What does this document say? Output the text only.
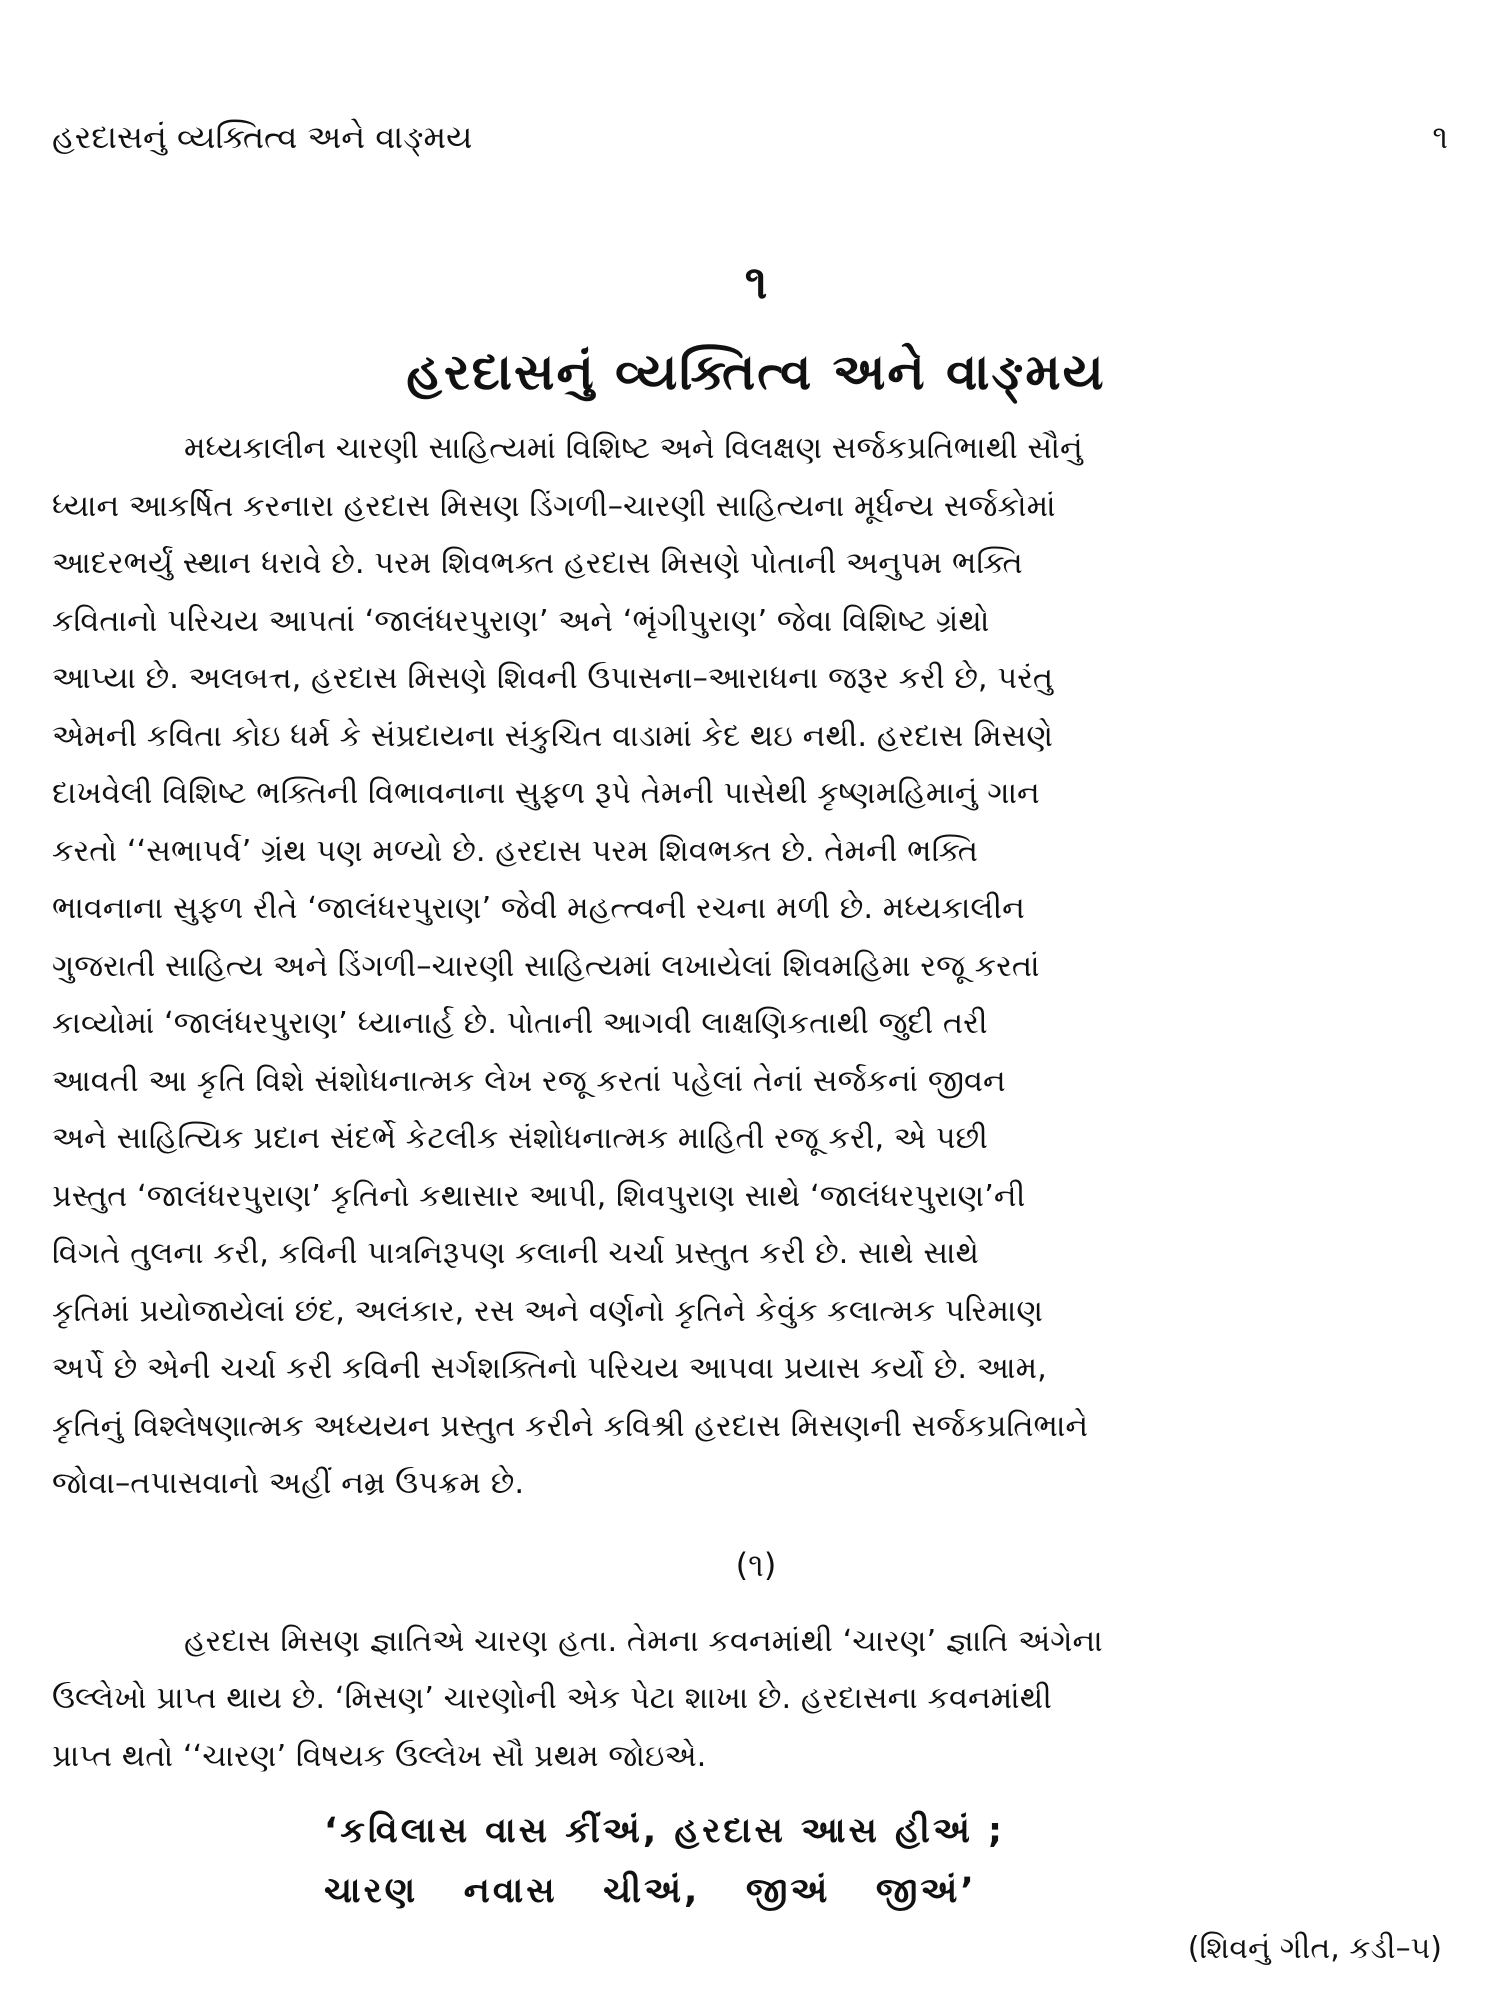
હરદાસનું વ્યક્તિત્વ અને વાઙ્મય	૧
૧
હરદાસનું વ્યક્તિત્વ અને વાઙ્મય

મધ્યકાલીન ચારણી સાહિત્યમાં વિશિષ્ટ અને વિલક્ષણ સર્જકપ્રતિભાથી સૌનું
ધ્યાન આકર્ષિત કરનારા હરદાસ મિસણ ડિંગળી–ચારણી સાહિત્યના મૂર્ધન્ય સર્જકોમાં
આદરભર્યું સ્થાન ધરાવે છે. પરમ શિવભક્ત હરદાસ મિસણે પોતાની અનુપમ ભક્તિ
કવિતાનો પરિચય આપતાં ‘જાલંધરપુરાણ’ અને ‘ભૃંગીપુરાણ’ જેવા વિશિષ્ટ ગ્રંથો
આપ્યા છે. અલબત્ત, હરદાસ મિસણે શિવની ઉપાસના–આરાધના જરૂર કરી છે, પરંતુ
એમની કવિતા કોઇ ધર્મ કે સંપ્રદાયના સંકુચિત વાડામાં કેદ થઇ નથી. હરદાસ મિસણે
દાખવેલી વિશિષ્ટ ભક્તિની વિભાવનાના સુફળ રૂપે તેમની પાસેથી કૃષ્ણમહિમાનું ગાન
કરતો ‘‘સભાપર્વ’ ગ્રંથ પણ મળ્યો છે. હરદાસ પરમ શિવભક્ત છે. તેમની ભક્તિ
ભાવનાના સુફળ રીતે ‘જાલંધરપુરાણ’ જેવી મહત્ત્વની રચના મળી છે. મધ્યકાલીન
ગુજરાતી સાહિત્ય અને ડિંગળી–ચારણી સાહિત્યમાં લખાયેલાં શિવમહિમા રજૂ કરતાં
કાવ્યોમાં ‘જાલંધરપુરાણ’ ધ્યાનાર્હ છે. પોતાની આગવી લાક્ષણિકતાથી જુદી તરી
આવતી આ કૃતિ વિશે સંશોધનાત્મક લેખ રજૂ કરતાં પહેલાં તેનાં સર્જકનાં જીવન
અને સાહિત્યિક પ્રદાન સંદર્ભે કેટલીક સંશોધનાત્મક માહિતી રજૂ કરી, એ પછી
પ્રસ્તુત ‘જાલંધરપુરાણ’ કૃતિનો કથાસાર આપી, શિવપુરાણ સાથે ‘જાલંધરપુરાણ’ની
વિગતે તુલના કરી, કવિની પાત્રનિરૂપણ કલાની ચર્ચા પ્રસ્તુત કરી છે. સાથે સાથે
કૃતિમાં પ્રયોજાયેલાં છંદ, અલંકાર, રસ અને વર્ણનો કૃતિને કેવુંક કલાત્મક પરિમાણ
અર્પે છે એની ચર્ચા કરી કવિની સર્ગશક્તિનો પરિચય આપવા પ્રયાસ કર્યો છે. આમ,
કૃતિનું વિશ્લેષણાત્મક અધ્યયન પ્રસ્તુત કરીને કવિશ્રી હરદાસ મિસણની સર્જકપ્રતિભાને
જોવા–તપાસવાનો અહીં નમ્ર ઉપક્રમ છે.

(૧)

હરદાસ મિસણ જ્ઞાતિએ ચારણ હતા. તેમના કવનમાંથી ‘ચારણ’ જ્ઞાતિ અંગેના
ઉલ્લેખો પ્રાપ્ત થાય છે. ‘મિસણ’ ચારણોની એક પેટા શાખા છે. હરદાસના કવનમાંથી
પ્રાપ્ત થતો ‘‘ચારણ’ વિષયક ઉલ્લેખ સૌ પ્રથમ જોઇએ.

‘કવિલાસ વાસ કીંઅં, હરદાસ આસ હીઅં ;
ચારણ   નવાસ   ચીઅં,   જીઅં   જીઅં’
(શિવનું ગીત, કડી–૫)
